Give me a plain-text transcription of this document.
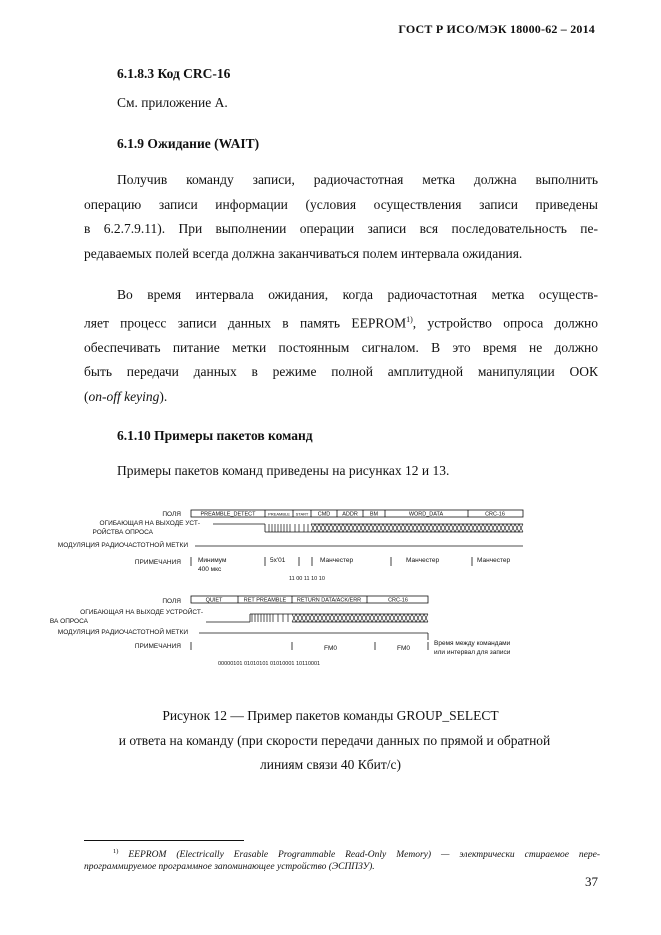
ГОСТ Р ИСО/МЭК 18000-62 – 2014
6.1.8.3 Код CRC-16
См. приложение А.
6.1.9 Ожидание (WAIT)
Получив команду записи, радиочастотная метка должна выполнить
операцию записи информации (условия осуществления записи приведены
в 6.2.7.9.11). При выполнении операции записи вся последовательность пе-
редаваемых полей всегда должна заканчиваться полем интервала ожидания.
Во время интервала ожидания, когда радиочастотная метка осуществ-
ляет процесс записи данных в память EEPROM$^{1)}$, устройство опроса должно
обеспечивать питание метки постоянным сигналом. В это время не должно
быть передачи данных в режиме полной амплитудной манипуляции ООК
(on-off keying).
6.1.10 Примеры пакетов команд
Примеры пакетов команд приведены на рисунках 12 и 13.
ПОЛЯ
ОГИБАЮЩАЯ НА ВЫХОДЕ УСТ-
РОЙСТВА ОПРОСА
МОДУЛЯЦИЯ РАДИОЧАСТОТНОЙ МЕТКИ
ПРИМЕЧАНИЯ
PREAMBLE_DETECT	PREAMBLE START CMD ADDR BM	WORD_DATA	CRC-16
Минимум
400 мкс
5x'01	Манчестер	Манчестер	Манчестер
11 00 11 10 10
ПОЛЯ
ОГИБАЮЩАЯ НА ВЫХОДЕ УСТРОЙСТ-
ВА ОПРОСА
МОДУЛЯЦИЯ РАДИОЧАСТОТНОЙ МЕТКИ
ПРИМЕЧАНИЯ
QUIET	RET PREAMBLE RETURN DATA/ACK/ERR	CRC-16
FM0	FM0
Время между командами
или интервал для записи
00000101 01010101 01010001 10110001
Рисунок 12 — Пример пакетов команды GROUP_SELECT
и ответа на команду (при скорости передачи данных по прямой и обратной
линиям связи 40 Кбит/с)
$^{1)}$ EEPROM (Electrically Erasable Programmable Read-Only Memory) — электрически стираемое пере-
программируемое программное запоминающее устройство (ЭСППЗУ).
37
